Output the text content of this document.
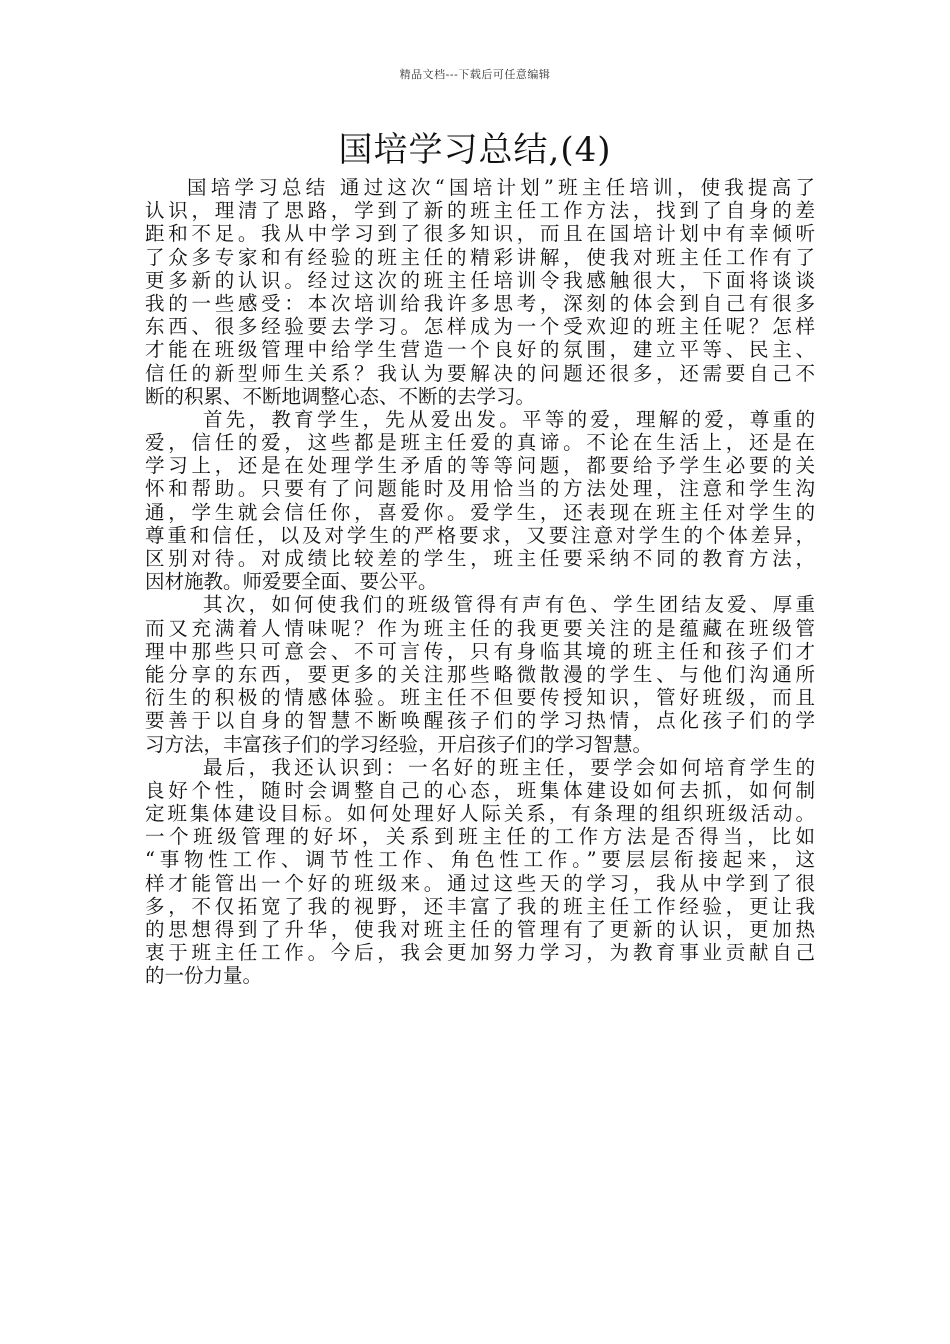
精品文档---下载后可任意编辑
国培学习总结,(4)
国培学习总结 通过这次“国培计划”班主任培训，使我提高了
认识，理清了思路，学到了新的班主任工作方法，找到了自身的差
距和不足。我从中学习到了很多知识，而且在国培计划中有幸倾听
了众多专家和有经验的班主任的精彩讲解，使我对班主任工作有了
更多新的认识。经过这次的班主任培训令我感触很大，下面将谈谈
我的一些感受：本次培训给我许多思考，深刻的体会到自己有很多
东西、很多经验要去学习。怎样成为一个受欢迎的班主任呢？怎样
才能在班级管理中给学生营造一个良好的氛围，建立平等、民主、
信任的新型师生关系？我认为要解决的问题还很多，还需要自己不
断的积累、不断地调整心态、不断的去学习。
首先，教育学生，先从爱出发。平等的爱，理解的爱，尊重的
爱，信任的爱，这些都是班主任爱的真谛。不论在生活上，还是在
学习上，还是在处理学生矛盾的等等问题，都要给予学生必要的关
怀和帮助。只要有了问题能时及用恰当的方法处理，注意和学生沟
通，学生就会信任你，喜爱你。爱学生，还表现在班主任对学生的
尊重和信任，以及对学生的严格要求，又要注意对学生的个体差异，
区别对待。对成绩比较差的学生，班主任要采纳不同的教育方法，
因材施教。师爱要全面、要公平。
其次，如何使我们的班级管得有声有色、学生团结友爱、厚重
而又充满着人情味呢？作为班主任的我更要关注的是蕴藏在班级管
理中那些只可意会、不可言传，只有身临其境的班主任和孩子们才
能分享的东西，要更多的关注那些略微散漫的学生、与他们沟通所
衍生的积极的情感体验。班主任不但要传授知识，管好班级，而且
要善于以自身的智慧不断唤醒孩子们的学习热情，点化孩子们的学
习方法，丰富孩子们的学习经验，开启孩子们的学习智慧。
最后，我还认识到：一名好的班主任，要学会如何培育学生的
良好个性，随时会调整自己的心态，班集体建设如何去抓，如何制
定班集体建设目标。如何处理好人际关系，有条理的组织班级活动。
一个班级管理的好坏，关系到班主任的工作方法是否得当，比如
“事物性工作、调节性工作、角色性工作。”要层层衔接起来，这
样才能管出一个好的班级来。通过这些天的学习，我从中学到了很
多，不仅拓宽了我的视野，还丰富了我的班主任工作经验，更让我
的思想得到了升华，使我对班主任的管理有了更新的认识，更加热
衷于班主任工作。今后，我会更加努力学习，为教育事业贡献自己
的一份力量。
